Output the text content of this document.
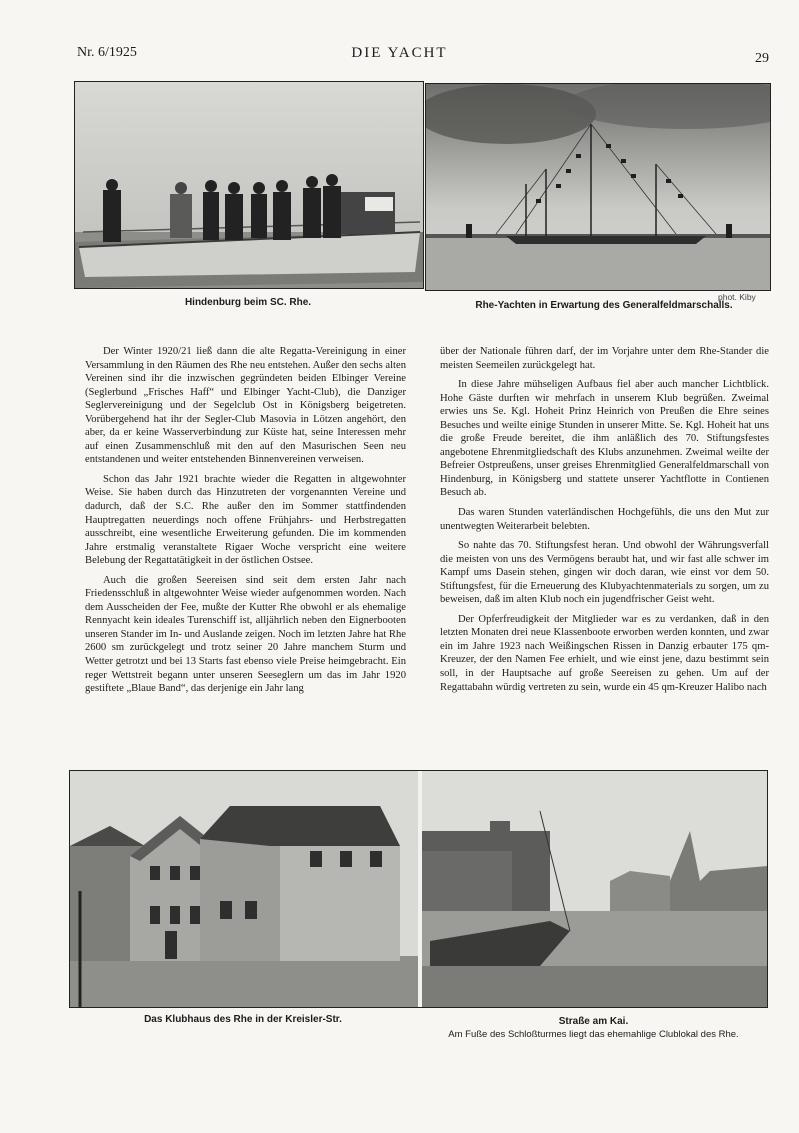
Nr. 6/1925	DIE YACHT	29
Hindenburg beim SC. Rhe.	phot. Kiby
Rhe-Yachten in Erwartung des Generalfeldmarschalls.

Der Winter 1920/21 ließ dann die alte Regatta-Vereinigung in einer Versammlung in den Räumen des Rhe neu entstehen. Außer den sechs alten Vereinen sind ihr die inzwischen gegründeten beiden Elbinger Vereine (Seglerbund „Frisches Haff“ und Elbinger Yacht-Club), die Danziger Seglervereinigung und der Segelclub Ost in Königsberg beigetreten. Vorübergehend hat ihr der Segler-Club Masovia in Lötzen angehört, den aber, da er keine Wasserverbindung zur Küste hat, seine Interessen mehr auf einen Zusammenschluß mit den auf den Masurischen Seen neu entstandenen und weiter entstehenden Binnenvereinen verweisen.

Schon das Jahr 1921 brachte wieder die Regatten in altgewohnter Weise. Sie haben durch das Hinzutreten der vorgenannten Vereine und dadurch, daß der S.C. Rhe außer den im Sommer stattfindenden Hauptregatten neuerdings noch offene Frühjahrs- und Herbstregatten ausschreibt, eine wesentliche Erweiterung gefunden. Die im kommenden Jahre erstmalig veranstaltete Rigaer Woche verspricht eine weitere Belebung der Regattatätigkeit in der östlichen Ostsee.

Auch die großen Seereisen sind seit dem ersten Jahr nach Friedensschluß in altgewohnter Weise wieder aufgenommen worden. Nach dem Ausscheiden der Fee, mußte der Kutter Rhe obwohl er als ehemalige Rennyacht kein ideales Turenschiff ist, alljährlich neben den Eignerbooten unseren Stander im In- und Auslande zeigen. Noch im letzten Jahre hat Rhe 2600 sm zurückgelegt und trotz seiner 20 Jahre manchem Sturm und Wetter getrotzt und bei 13 Starts fast ebenso viele Preise heimgebracht. Ein reger Wettstreit begann unter unseren Seeseglern um das im Jahr 1920 gestiftete „Blaue Band“, das derjenige ein Jahr lang

über der Nationale führen darf, der im Vorjahre unter dem Rhe-Stander die meisten Seemeilen zurückgelegt hat.

In diese Jahre mühseligen Aufbaus fiel aber auch mancher Lichtblick. Hohe Gäste durften wir mehrfach in unserem Klub begrüßen. Zweimal erwies uns Se. Kgl. Hoheit Prinz Heinrich von Preußen die Ehre seines Besuches und weilte einige Stunden in unserer Mitte. Se. Kgl. Hoheit hat uns die große Freude bereitet, die ihm anläßlich des 70. Stiftungsfestes angebotene Ehrenmitgliedschaft des Klubs anzunehmen. Zweimal weilte der Befreier Ostpreußens, unser greises Ehrenmitglied Generalfeldmarschall von Hindenburg, in Königsberg und stattete unserer Yachtflotte in Contienen Besuch ab.

Das waren Stunden vaterländischen Hochgefühls, die uns den Mut zur unentwegten Weiterarbeit belebten.

So nahte das 70. Stiftungsfest heran. Und obwohl der Währungsverfall die meisten von uns des Vermögens beraubt hat, und wir fast alle schwer im Kampf ums Dasein stehen, gingen wir doch daran, wie einst vor dem 50. Stiftungsfest, für die Erneuerung des Klubyachtenmaterials zu sorgen, um zu beweisen, daß im alten Klub noch ein jugendfrischer Geist weht.

Der Opferfreudigkeit der Mitglieder war es zu verdanken, daß in den letzten Monaten drei neue Klassenboote erworben werden konnten, und zwar ein im Jahre 1923 nach Weißingschen Rissen in Danzig erbauter 175 qm-Kreuzer, der den Namen Fee erhielt, und wie einst jene, dazu bestimmt sein soll, in der Hauptsache auf große Seereisen zu gehen. Um auf der Regattabahn würdig vertreten zu sein, wurde ein 45 qm-Kreuzer Halibo nach

Das Klubhaus des Rhe in der Kreisler-Str.	Straße am Kai.
Am Fuße des Schloßturmes liegt das ehemahlige Clublokal des Rhe.
